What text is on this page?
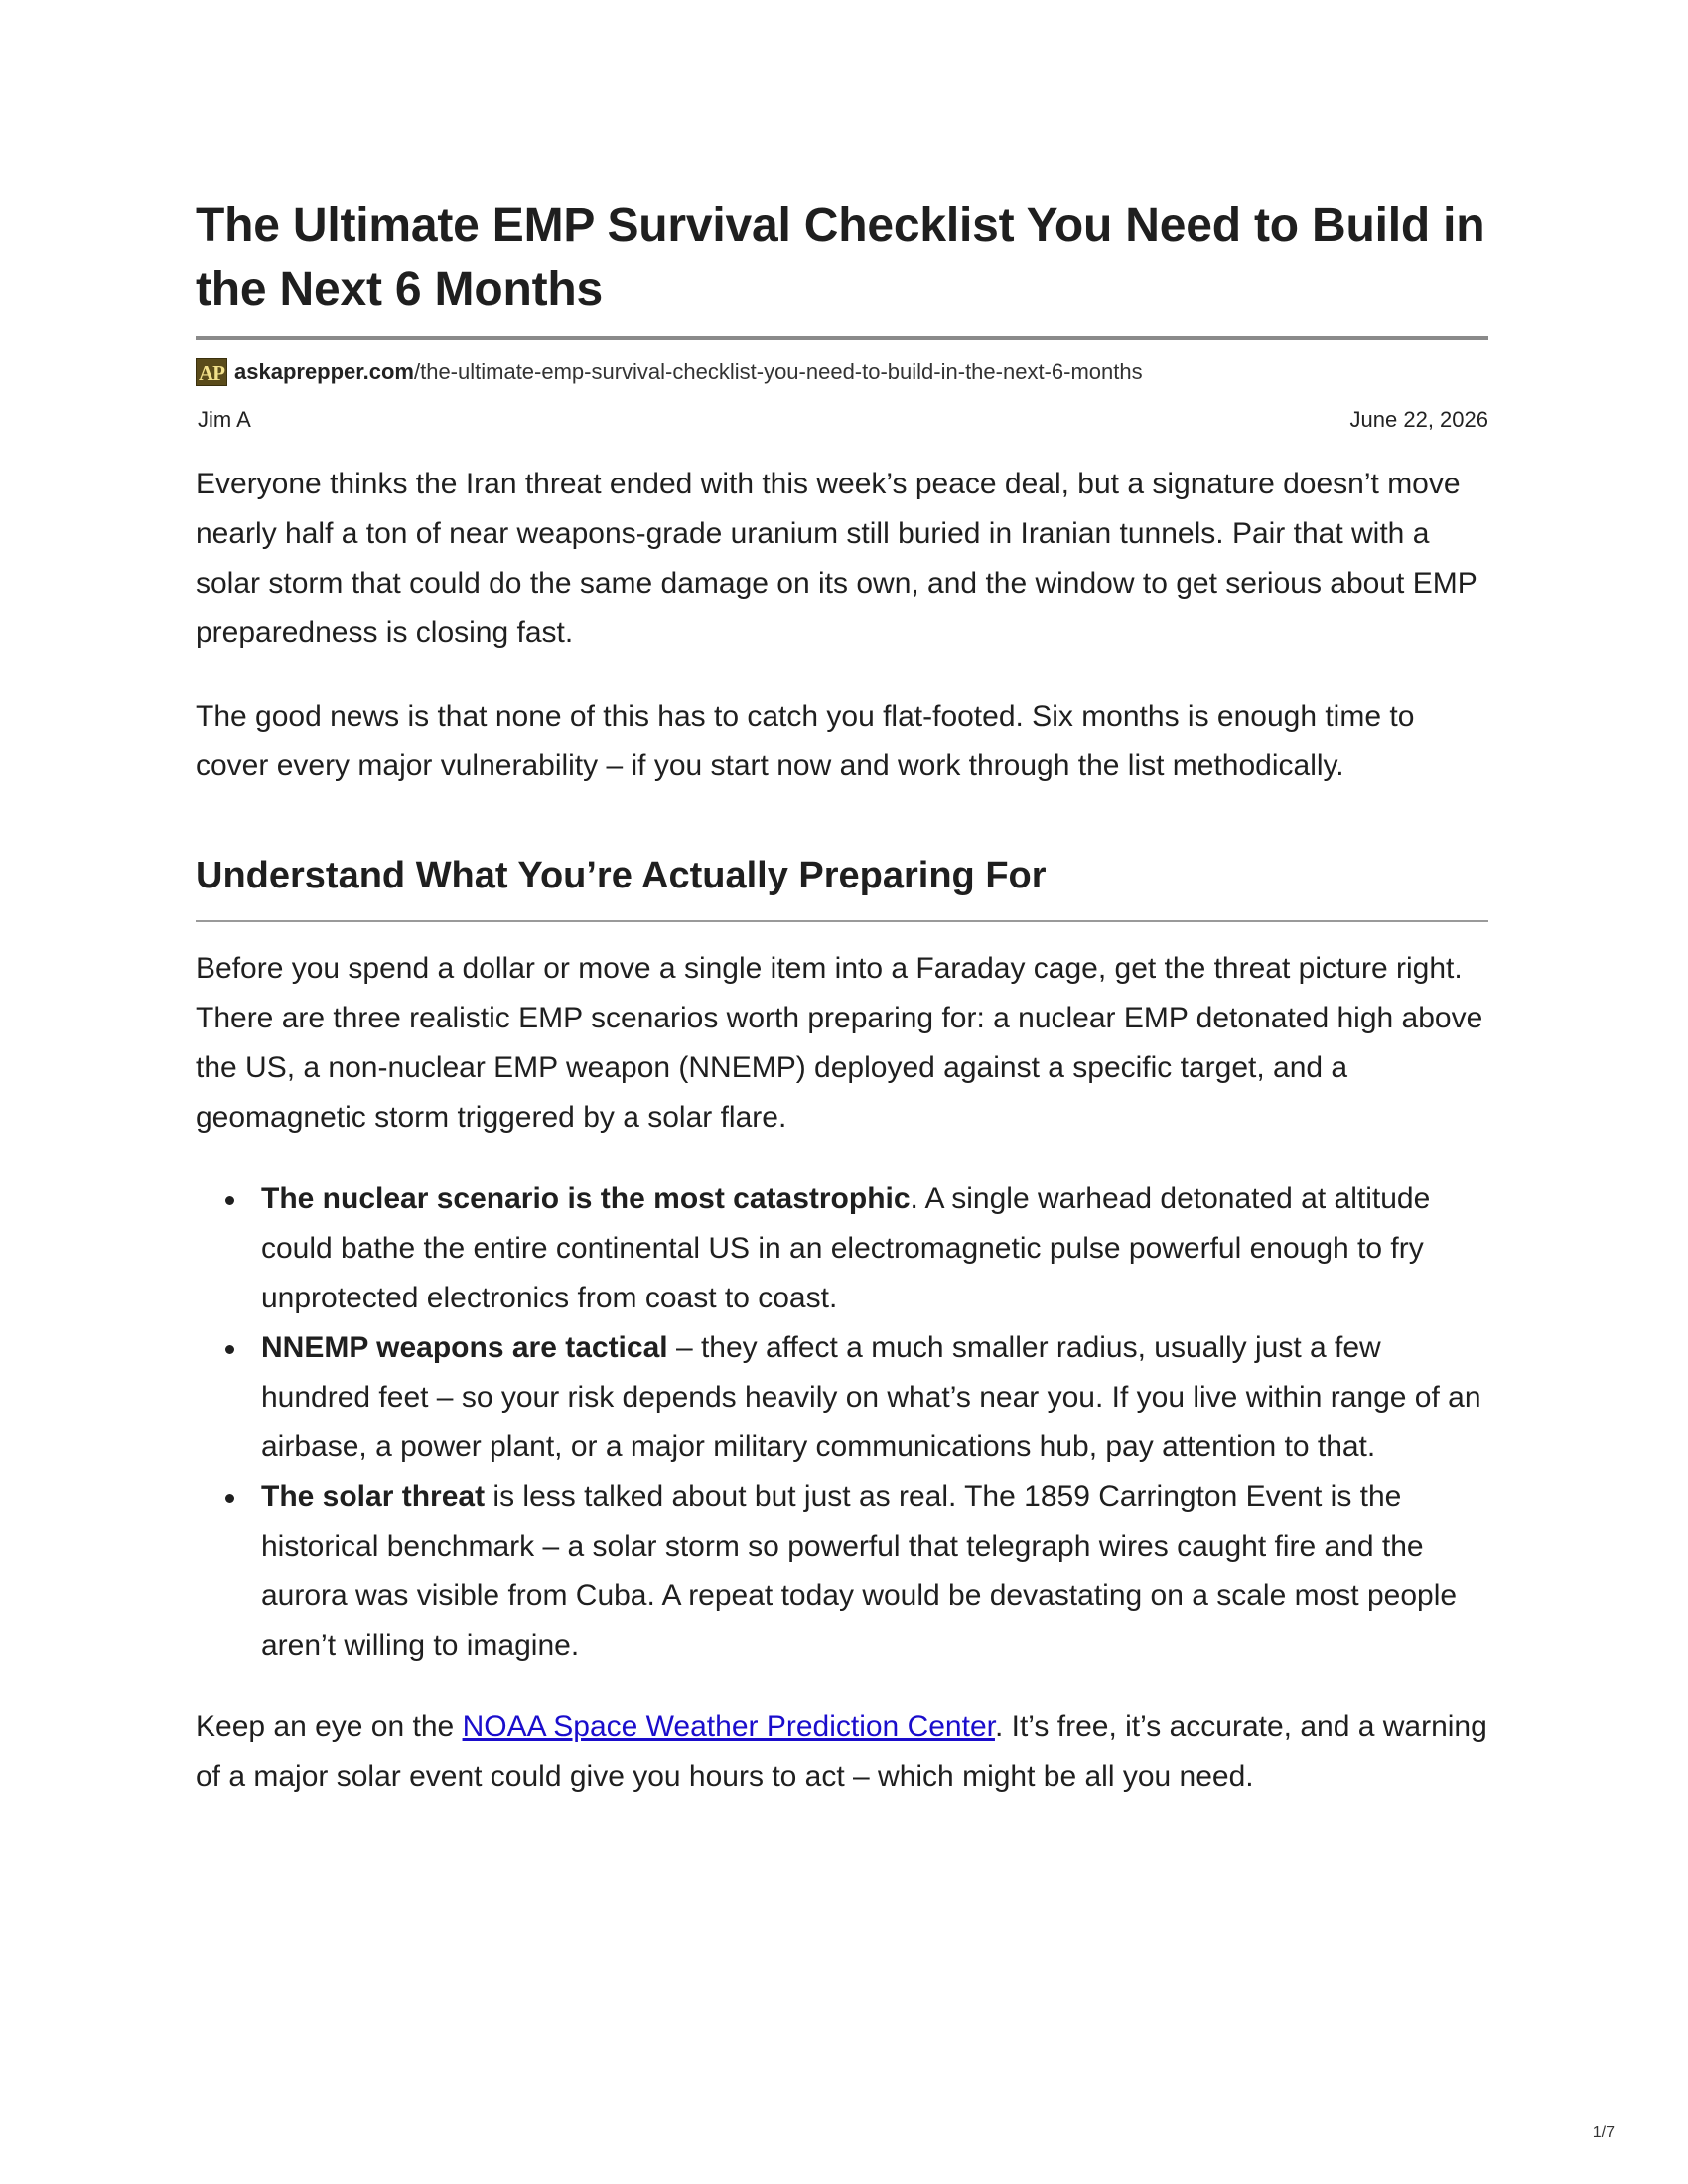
The Ultimate EMP Survival Checklist You Need to Build in the Next 6 Months
AP askaprepper.com /the-ultimate-emp-survival-checklist-you-need-to-build-in-the-next-6-months
Jim A	June 22, 2026

Everyone thinks the Iran threat ended with this week’s peace deal, but a signature doesn’t move nearly half a ton of near weapons-grade uranium still buried in Iranian tunnels. Pair that with a solar storm that could do the same damage on its own, and the window to get serious about EMP preparedness is closing fast.

The good news is that none of this has to catch you flat-footed. Six months is enough time to cover every major vulnerability – if you start now and work through the list methodically.

Understand What You’re Actually Preparing For

Before you spend a dollar or move a single item into a Faraday cage, get the threat picture right. There are three realistic EMP scenarios worth preparing for: a nuclear EMP detonated high above the US, a non-nuclear EMP weapon (NNEMP) deployed against a specific target, and a geomagnetic storm triggered by a solar flare.

The nuclear scenario is the most catastrophic. A single warhead detonated at altitude could bathe the entire continental US in an electromagnetic pulse powerful enough to fry unprotected electronics from coast to coast.
NNEMP weapons are tactical – they affect a much smaller radius, usually just a few hundred feet – so your risk depends heavily on what’s near you. If you live within range of an airbase, a power plant, or a major military communications hub, pay attention to that.
The solar threat is less talked about but just as real. The 1859 Carrington Event is the historical benchmark – a solar storm so powerful that telegraph wires caught fire and the aurora was visible from Cuba. A repeat today would be devastating on a scale most people aren’t willing to imagine.

Keep an eye on the NOAA Space Weather Prediction Center. It’s free, it’s accurate, and a warning of a major solar event could give you hours to act – which might be all you need.

1/7
